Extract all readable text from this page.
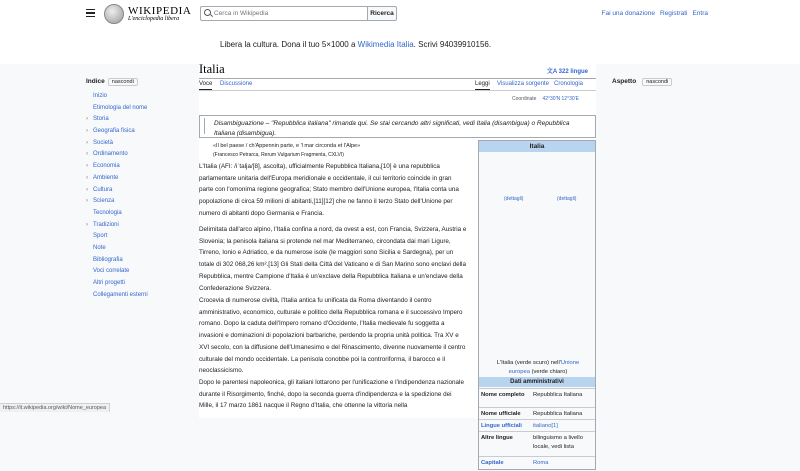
WIKIPEDIA
L'enciclopedia libera
Cerca in Wikipedia
Ricerca	Fai una donazione Registrati Entra
Libera la cultura. Dona il tuo 5×1000 a Wikimedia Italia. Scrivi 94039910156.
Indice nascondi
Inizio
Etimologia del nome
› Storia
› Geografia fisica
› Società
› Ordinamento
› Economia
› Ambiente
› Cultura
› Scienza
Tecnologia
› Tradizioni
Sport
Note
Bibliografia
Voci correlate
Altri progetti
Collegamenti esterni
Italia	文A 322 lingue
Voce Discussione	Leggi Visualizza sorgente Cronologia
Coordinate 42°30′N 12°30′E
Disambiguazione – "Repubblica italiana" rimanda qui. Se stai cercando altri significati, vedi Italia (disambigua) o Repubblica Italiana (disambigua).
«Il bel paese / ch'Appennin parte, e 'l mar circonda et l'Alpe»
(Francesco Petrarca, Rerum Vulgarium Fragmenta, CXLVI)
L'Italia (AFI: /iˈtalja/[8], ascolta), ufficialmente Repubblica Italiana,[10] è una repubblica parlamentare unitaria dell'Europa meridionale e occidentale, il cui territorio coincide in gran parte con l'omonima regione geografica; Stato membro dell'Unione europea, l'Italia conta una popolazione di circa 59 milioni di abitanti,[11][12] che ne fanno il terzo Stato dell'Unione per numero di abitanti dopo Germania e Francia.
Delimitata dall'arco alpino, l'Italia confina a nord, da ovest a est, con Francia, Svizzera, Austria e Slovenia; la penisola italiana si protende nel mar Mediterraneo, circondata dai mari Ligure, Tirreno, Ionio e Adriatico, e da numerose isole (le maggiori sono Sicilia e Sardegna), per un totale di 302 068,26 km².[13] Gli Stati della Città del Vaticano e di San Marino sono enclavi della Repubblica, mentre Campione d'Italia è un'exclave della Repubblica Italiana e un'enclave della Confederazione Svizzera.
Crocevia di numerose civiltà, l'Italia antica fu unificata da Roma diventando il centro amministrativo, economico, culturale e politico della Repubblica romana e il successivo Impero romano. Dopo la caduta dell'Impero romano d'Occidente, l'Italia medievale fu soggetta a invasioni e dominazioni di popolazioni barbariche, perdendo la propria unità politica. Tra XV e XVI secolo, con la diffusione dell'Umanesimo e del Rinascimento, divenne nuovamente il centro culturale del mondo occidentale. La penisola conobbe poi la controriforma, il barocco e il neoclassicismo.
Dopo le parentesi napoleonica, gli italiani lottarono per l'unificazione e l'indipendenza nazionale durante il Risorgimento, finché, dopo la seconda guerra d'indipendenza e la spedizione dei Mille, il 17 marzo 1861 nacque il Regno d'Italia, che ottenne la vittoria nella
Italia
(dettagli)	(dettagli)
L'Italia (verde scuro) nell'Unione europea (verde chiaro)
Dati amministrativi
Nome completo	Repubblica Italiana
Nome ufficiale	Repubblica Italiana
Lingue ufficiali	italiano[1]
Altre lingue	bilinguismo a livello locale, vedi lista
Capitale	Roma
Aspetto nascondi
https://it.wikipedia.org/wiki/Nome_europea
